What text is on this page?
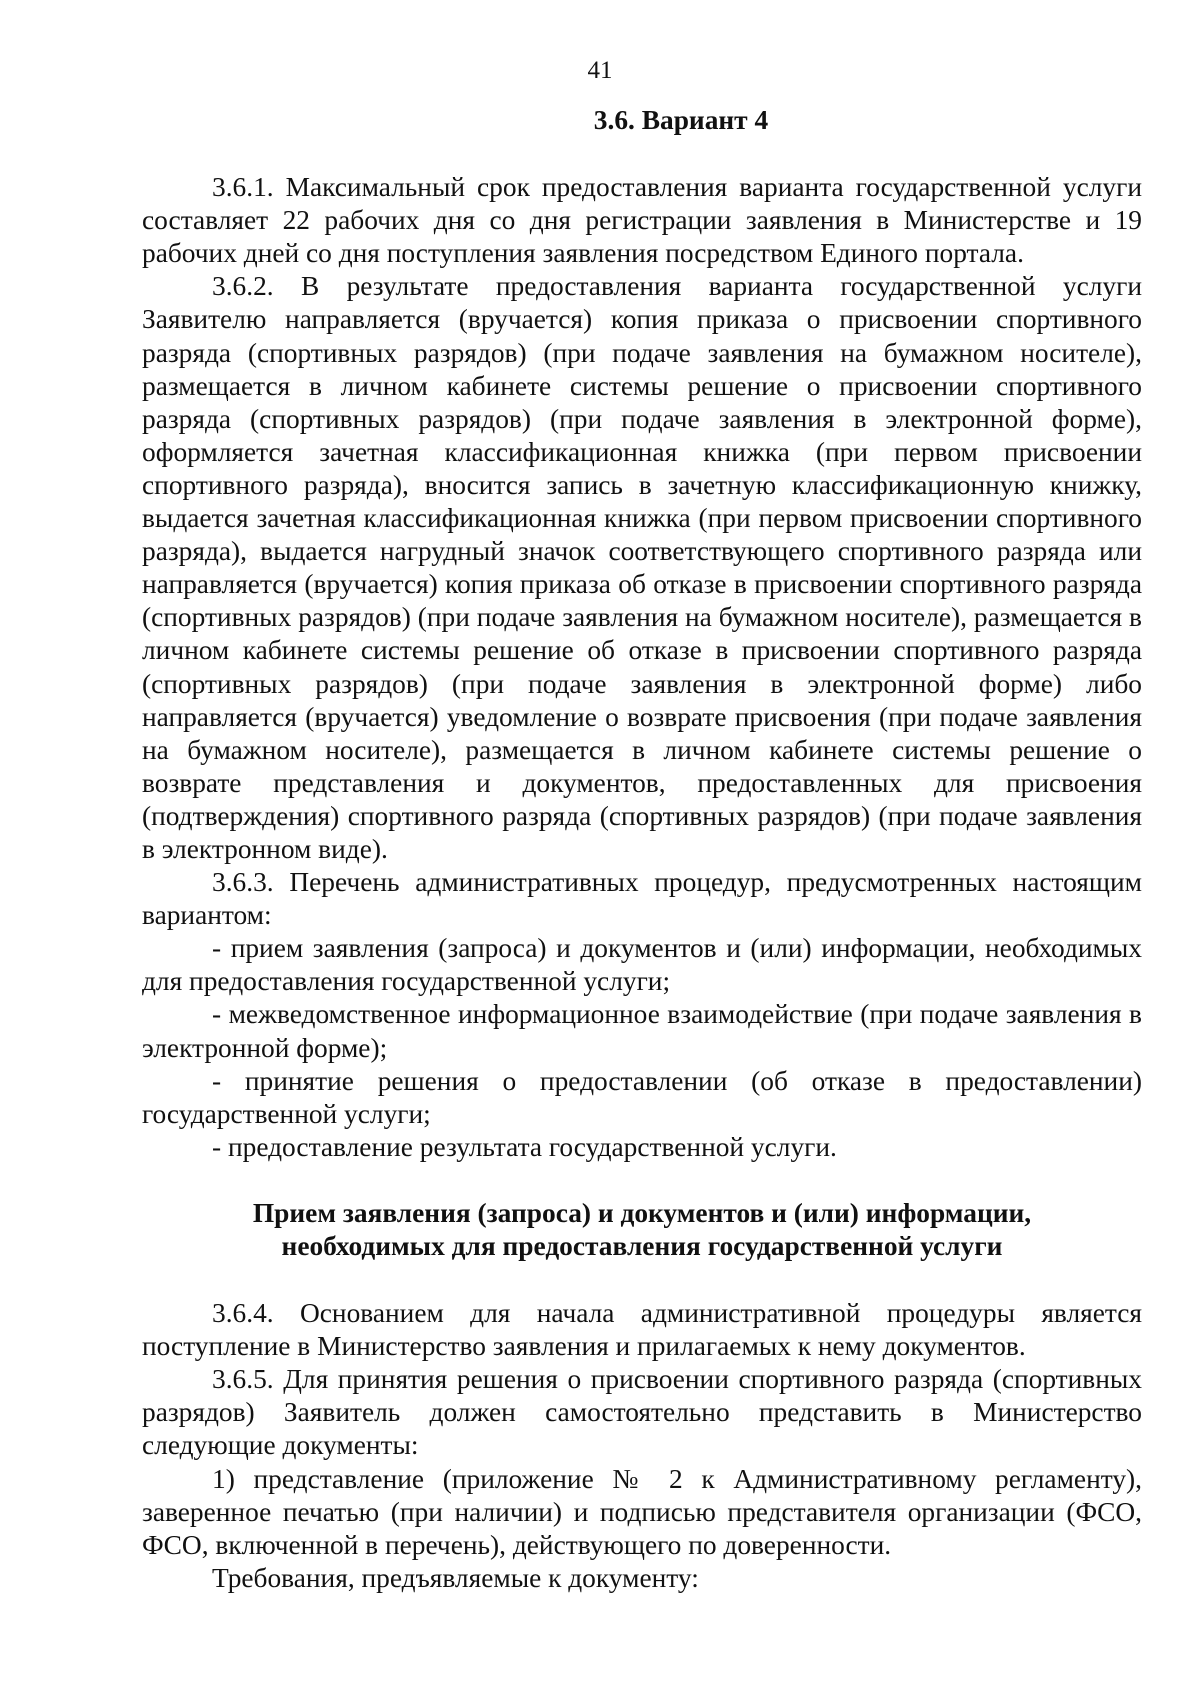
41
3.6. Вариант 4

3.6.1. Максимальный срок предоставления варианта государственной услуги составляет 22 рабочих дня со дня регистрации заявления в Министерстве и 19 рабочих дней со дня поступления заявления посредством Единого портала.

3.6.2. В результате предоставления варианта государственной услуги Заявителю направляется (вручается) копия приказа о присвоении спортивного разряда (спортивных разрядов) (при подаче заявления на бумажном носителе), размещается в личном кабинете системы решение о присвоении спортивного разряда (спортивных разрядов) (при подаче заявления в электронной форме), оформляется зачетная классификационная книжка (при первом присвоении спортивного разряда), вносится запись в зачетную классификационную книжку, выдается зачетная классификационная книжка (при первом присвоении спортивного разряда), выдается нагрудный значок соответствующего спортивного разряда или направляется (вручается) копия приказа об отказе в присвоении спортивного разряда (спортивных разрядов) (при подаче заявления на бумажном носителе), размещается в личном кабинете системы решение об отказе в присвоении спортивного разряда (спортивных разрядов) (при подаче заявления в электронной форме) либо направляется (вручается) уведомление о возврате присвоения (при подаче заявления на бумажном носителе), размещается в личном кабинете системы решение о возврате представления и документов, предоставленных для присвоения (подтверждения) спортивного разряда (спортивных разрядов) (при подаче заявления в электронном виде).

3.6.3. Перечень административных процедур, предусмотренных настоящим вариантом:

- прием заявления (запроса) и документов и (или) информации, необходимых для предоставления государственной услуги;

- межведомственное информационное взаимодействие (при подаче заявления в электронной форме);

- принятие решения о предоставлении (об отказе в предоставлении) государственной услуги;

- предоставление результата государственной услуги.

Прием заявления (запроса) и документов и (или) информации,
необходимых для предоставления государственной услуги

3.6.4. Основанием для начала административной процедуры является поступление в Министерство заявления и прилагаемых к нему документов.

3.6.5. Для принятия решения о присвоении спортивного разряда (спортивных разрядов) Заявитель должен самостоятельно представить в Министерство следующие документы:

1) представление (приложение № 2 к Административному регламенту), заверенное печатью (при наличии) и подписью представителя организации (ФСО, ФСО, включенной в перечень), действующего по доверенности.

Требования, предъявляемые к документу:
